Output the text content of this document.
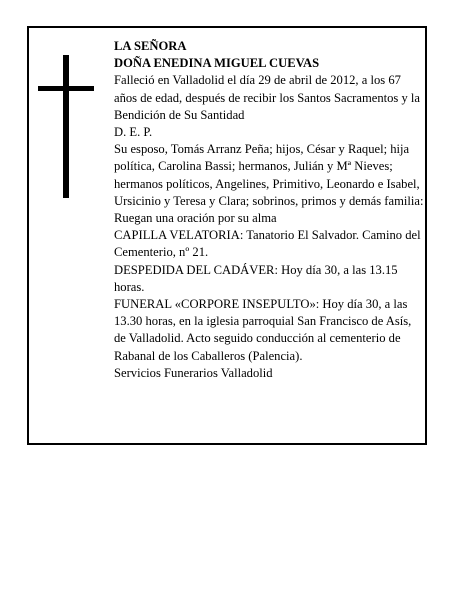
LA SEÑORA

DOÑA ENEDINA MIGUEL CUEVAS

Falleció en Valladolid el día 29 de abril de 2012, a los 67 años de edad, después de recibir los Santos Sacramentos y la Bendición de Su Santidad

D. E. P.

Su esposo, Tomás Arranz Peña; hijos, César y Raquel; hija política, Carolina Bassi; hermanos, Julián y Mª Nieves; hermanos políticos, Angelines, Primitivo, Leonardo e Isabel, Ursicinio y Teresa y Clara; sobrinos, primos y demás familia:

Ruegan una oración por su alma

CAPILLA VELATORIA: Tanatorio El Salvador. Camino del Cementerio, nº 21.

DESPEDIDA DEL CADÁVER: Hoy día 30, a las 13.15 horas.

FUNERAL «CORPORE INSEPULTO»: Hoy día 30, a las 13.30 horas, en la iglesia parroquial San Francisco de Asís, de Valladolid. Acto seguido conducción al cementerio de Rabanal de los Caballeros (Palencia).

Servicios Funerarios Valladolid
